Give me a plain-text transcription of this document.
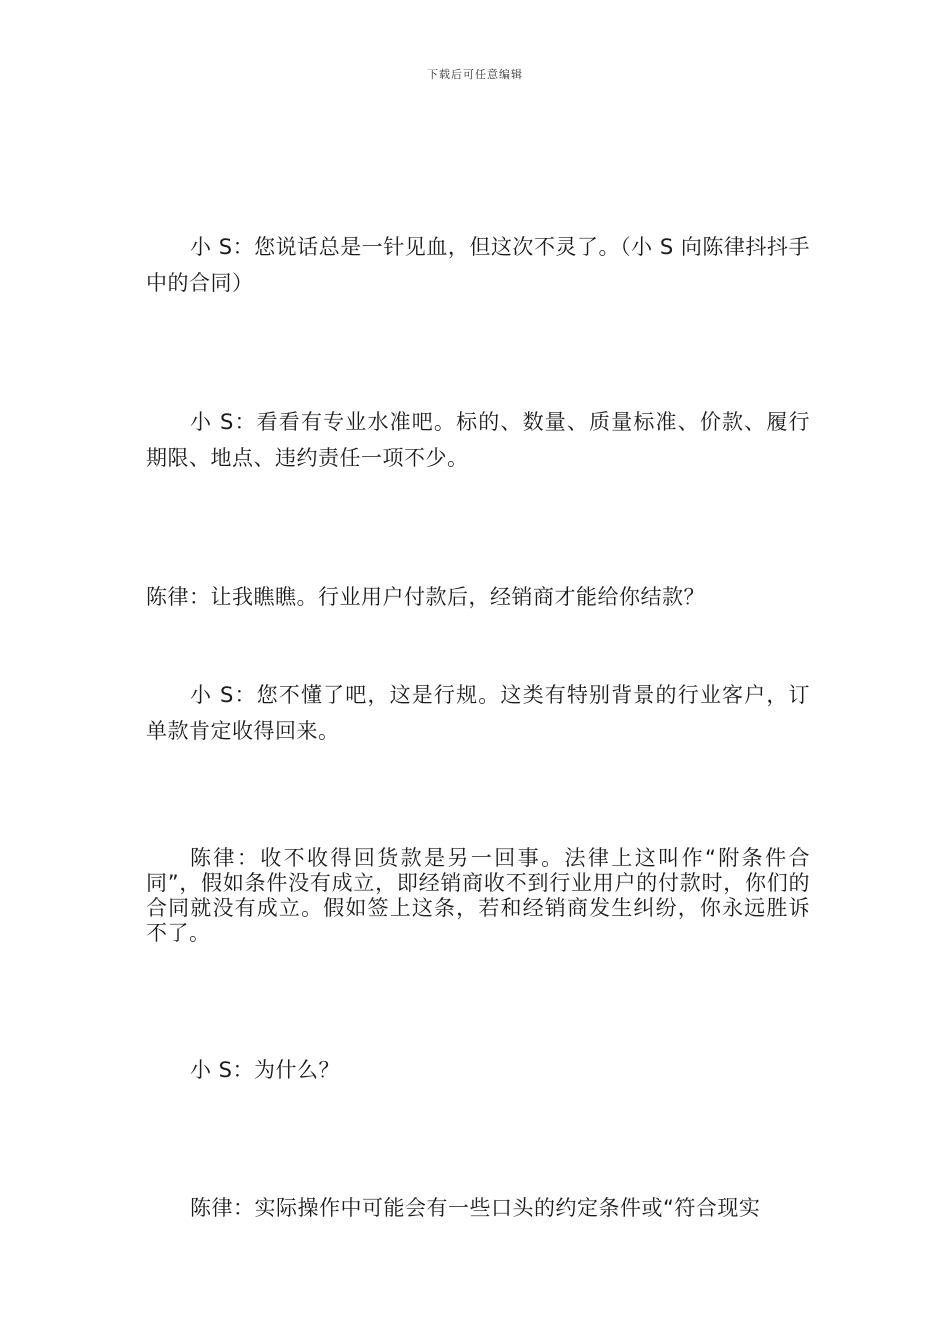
下载后可任意编辑

小 S：您说话总是一针见血，但这次不灵了。（小 S 向陈律抖抖手中的合同）

小 S：看看有专业水准吧。标的、数量、质量标准、价款、履行期限、地点、违约责任一项不少。

陈律：让我瞧瞧。行业用户付款后，经销商才能给你结款？

小 S：您不懂了吧，这是行规。这类有特别背景的行业客户，订单款肯定收得回来。

陈律：收不收得回货款是另一回事。法律上这叫作“附条件合同”，假如条件没有成立，即经销商收不到行业用户的付款时，你们的合同就没有成立。假如签上这条，若和经销商发生纠纷，你永远胜诉不了。

小 S：为什么？

陈律：实际操作中可能会有一些口头的约定条件或“符合现实
